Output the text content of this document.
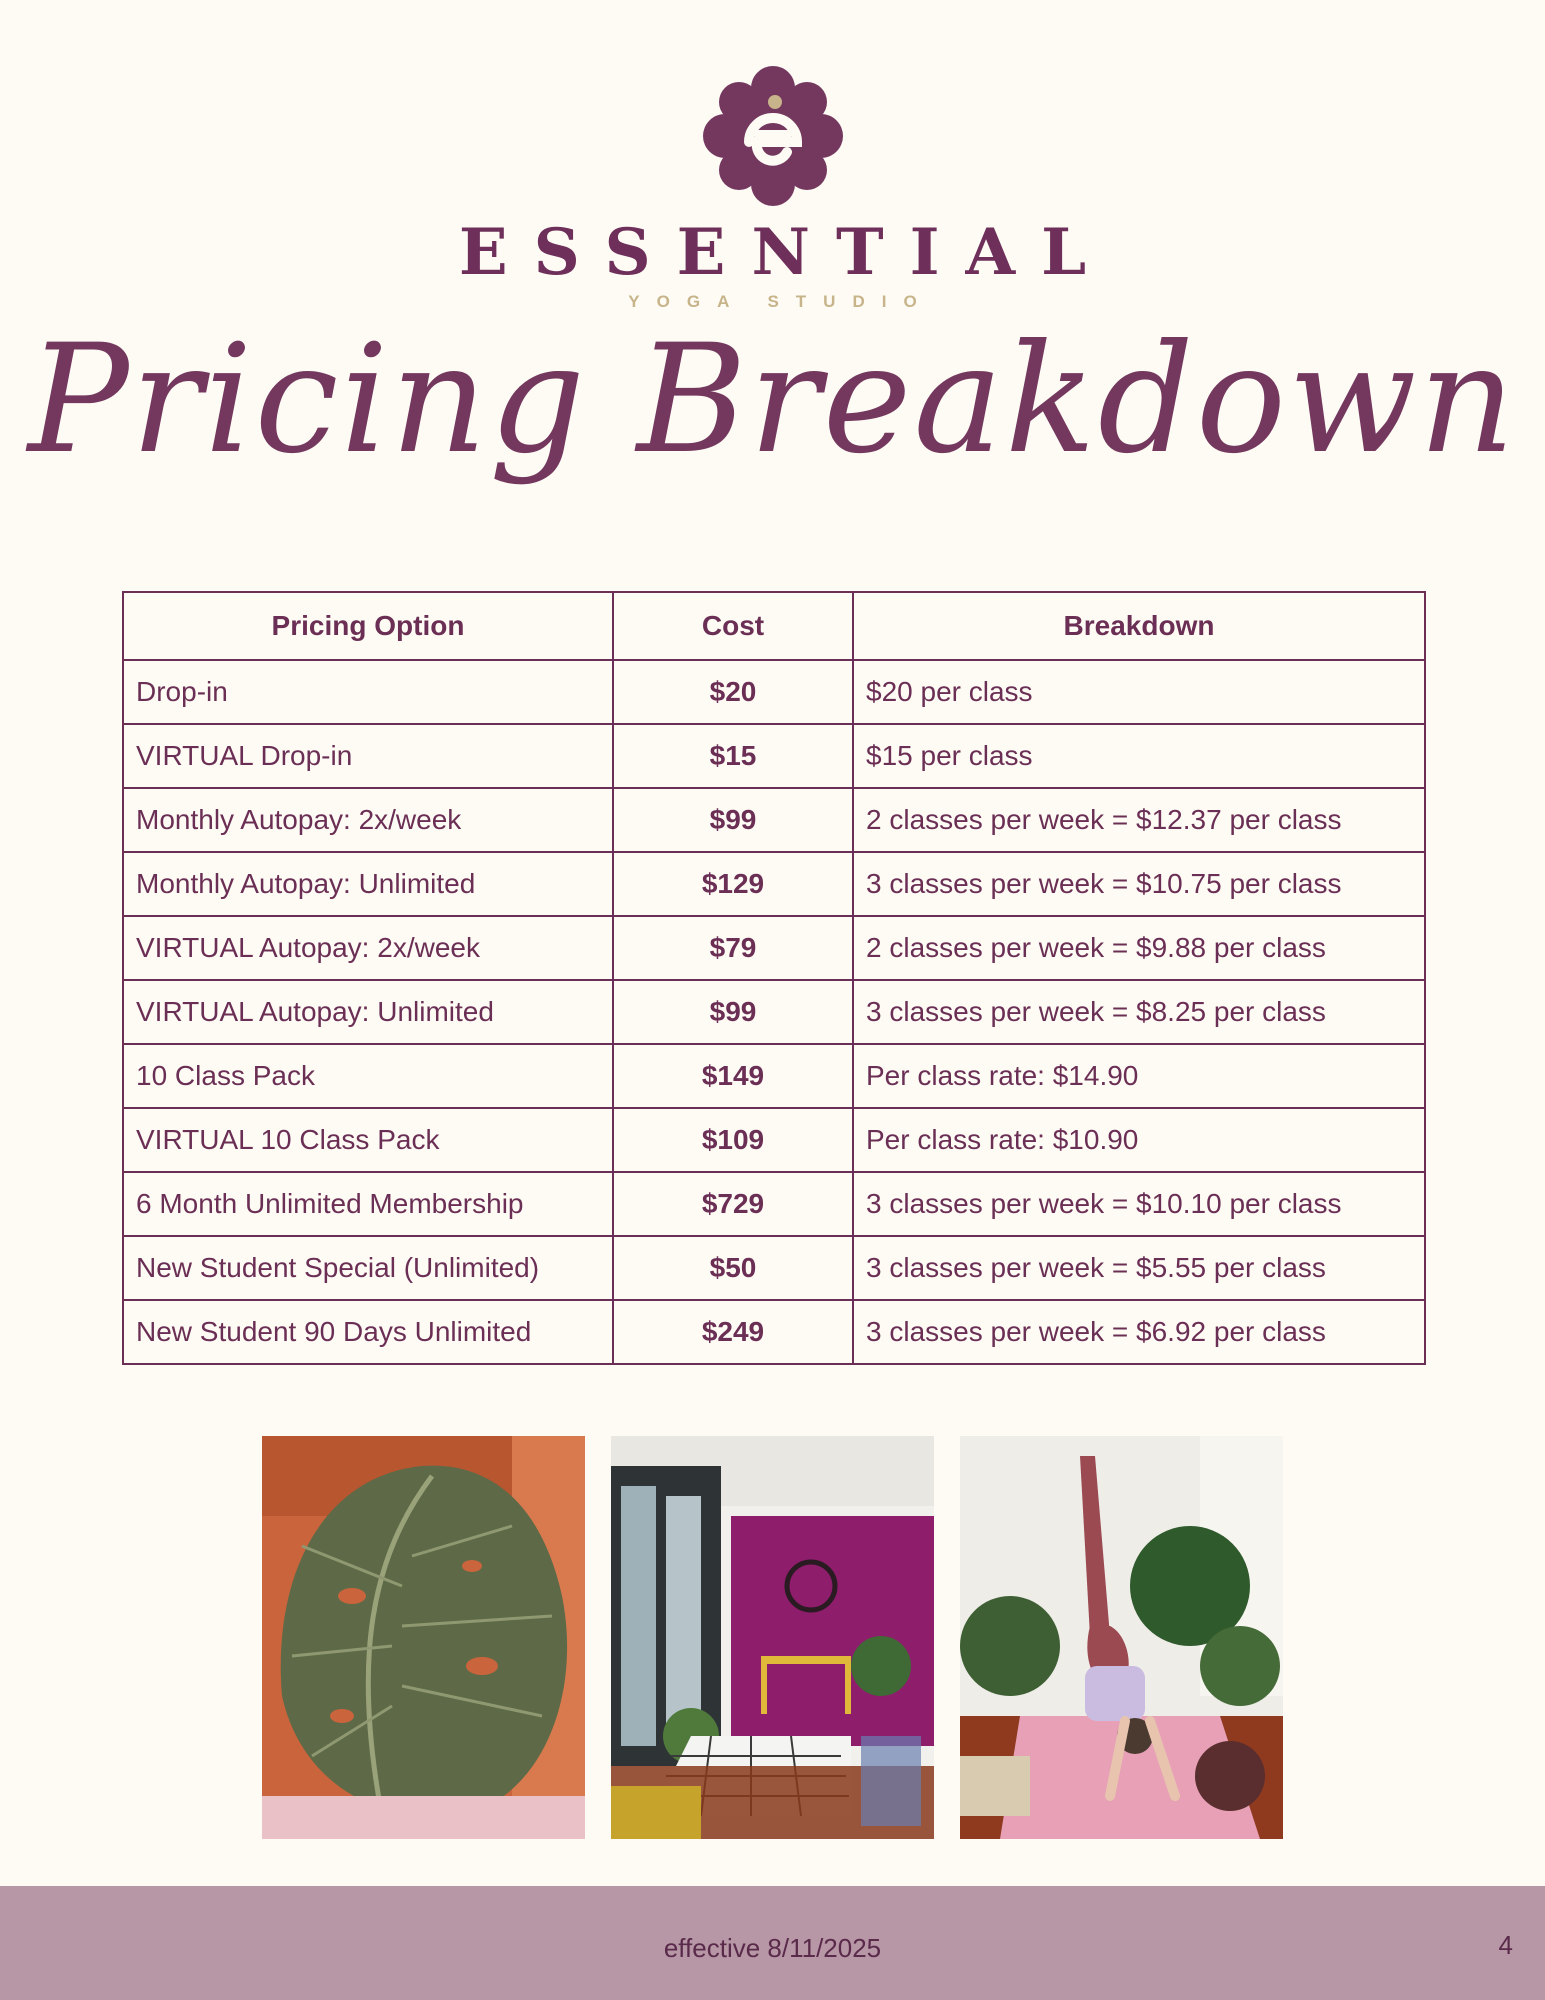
ESSENTIAL
YOGA STUDIO
Pricing Breakdown
Pricing Option	Cost	Breakdown
Drop-in	$20	$20 per class
VIRTUAL Drop-in	$15	$15 per class
Monthly Autopay: 2x/week	$99	2 classes per week = $12.37 per class
Monthly Autopay: Unlimited	$129	3 classes per week = $10.75 per class
VIRTUAL Autopay: 2x/week	$79	2 classes per week = $9.88 per class
VIRTUAL Autopay: Unlimited	$99	3 classes per week = $8.25 per class
10 Class Pack	$149	Per class rate: $14.90
VIRTUAL 10 Class Pack	$109	Per class rate: $10.90
6 Month Unlimited Membership	$729	3 classes per week = $10.10 per class
New Student Special (Unlimited)	$50	3 classes per week = $5.55 per class
New Student 90 Days Unlimited	$249	3 classes per week = $6.92 per class
effective 8/11/2025	4
